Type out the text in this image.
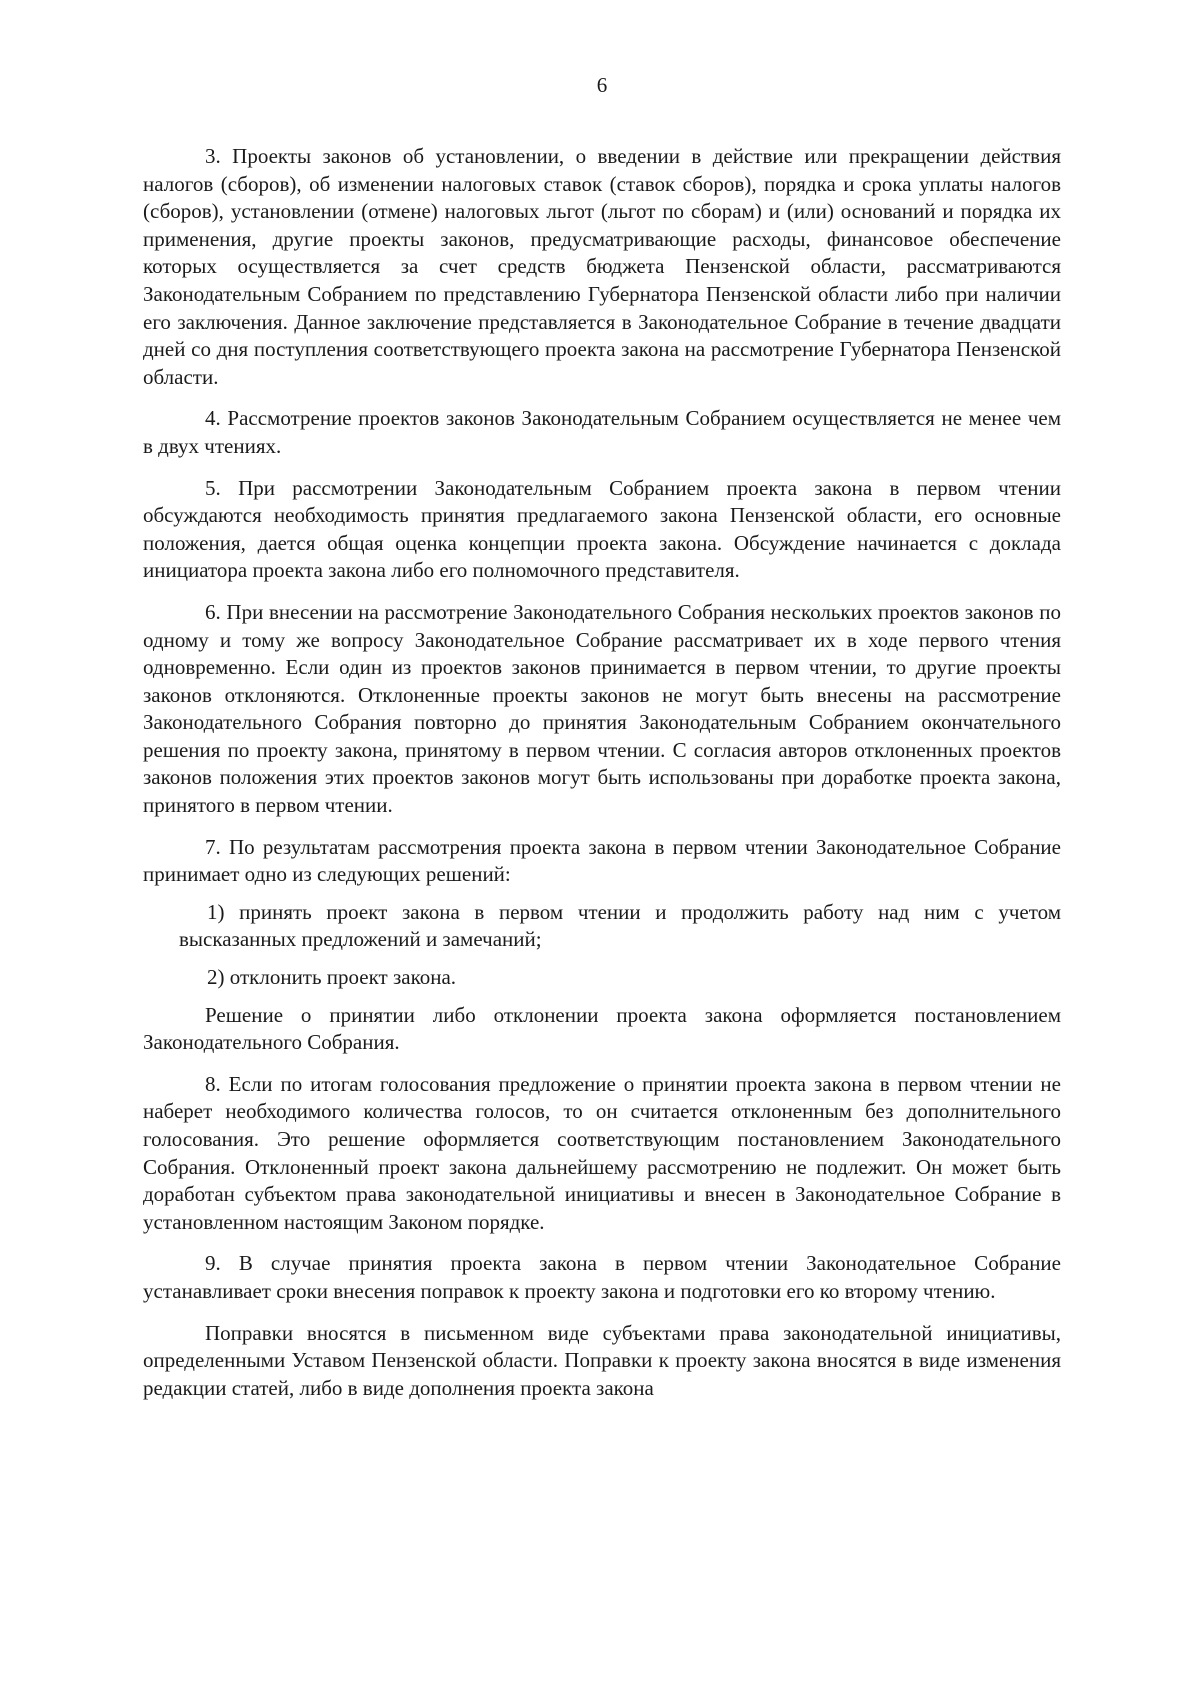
6

3. Проекты законов об установлении, о введении в действие или прекращении действия налогов (сборов), об изменении налоговых ставок (ставок сборов), порядка и срока уплаты налогов (сборов), установлении (отмене) налоговых льгот (льгот по сборам) и (или) оснований и порядка их применения, другие проекты законов, предусматривающие расходы, финансовое обеспечение которых осуществляется за счет средств бюджета Пензенской области, рассматриваются Законодательным Собранием по представлению Губернатора Пензенской области либо при наличии его заключения. Данное заключение представляется в Законодательное Собрание в течение двадцати дней со дня поступления соответствующего проекта закона на рассмотрение Губернатора Пензенской области.

4. Рассмотрение проектов законов Законодательным Собранием осуществляется не менее чем в двух чтениях.

5. При рассмотрении Законодательным Собранием проекта закона в первом чтении обсуждаются необходимость принятия предлагаемого закона Пензенской области, его основные положения, дается общая оценка концепции проекта закона. Обсуждение начинается с доклада инициатора проекта закона либо его полномочного представителя.

6. При внесении на рассмотрение Законодательного Собрания нескольких проектов законов по одному и тому же вопросу Законодательное Собрание рассматривает их в ходе первого чтения одновременно. Если один из проектов законов принимается в первом чтении, то другие проекты законов отклоняются. Отклоненные проекты законов не могут быть внесены на рассмотрение Законодательного Собрания повторно до принятия Законодательным Собранием окончательного решения по проекту закона, принятому в первом чтении. С согласия авторов отклоненных проектов законов положения этих проектов законов могут быть использованы при доработке проекта закона, принятого в первом чтении.

7. По результатам рассмотрения проекта закона в первом чтении Законодательное Собрание принимает одно из следующих решений:

1) принять проект закона в первом чтении и продолжить работу над ним с учетом высказанных предложений и замечаний;

2) отклонить проект закона.

Решение о принятии либо отклонении проекта закона оформляется постановлением Законодательного Собрания.

8. Если по итогам голосования предложение о принятии проекта закона в первом чтении не наберет необходимого количества голосов, то он считается отклоненным без дополнительного голосования. Это решение оформляется соответствующим постановлением Законодательного Собрания. Отклоненный проект закона дальнейшему рассмотрению не подлежит. Он может быть доработан субъектом права законодательной инициативы и внесен в Законодательное Собрание в установленном настоящим Законом порядке.

9. В случае принятия проекта закона в первом чтении Законодательное Собрание устанавливает сроки внесения поправок к проекту закона и подготовки его ко второму чтению.

Поправки вносятся в письменном виде субъектами права законодательной инициативы, определенными Уставом Пензенской области. Поправки к проекту закона вносятся в виде изменения редакции статей, либо в виде дополнения проекта закона
